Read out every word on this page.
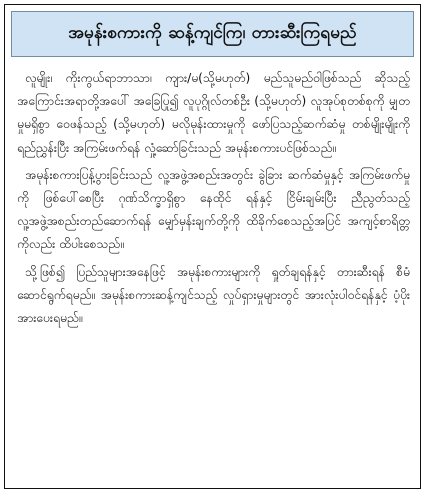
အမုန်းစကားကို ဆန့်ကျင်ကြ၊ တားဆီးကြရမည်

လူမျိုး၊ ကိုးကွယ်ရာဘာသာ၊ ကျား/မ(သို့မဟုတ်) မည်သူမည်ဝါဖြစ်သည် ဆိုသည့် အကြောင်းအရာတို့အပေါ် အခြေပြု၍ လူပုဂ္ဂိုလ်တစ်ဦး (သို့မဟုတ်) လူအုပ်စုတစ်စုကို မျှတမှုမရှိစွာ ဝေဖန်သည့် (သို့မဟုတ်) မလိုမုန်းထားမှုကို ဖော်ပြသည့်ဆက်ဆံမှု တစ်မျိုးမျိုးကို ရည်ညွှန်းပြီး အကြမ်းဖက်ရန် လှုံ့ဆော်ခြင်းသည် အမုန်းစကားပင်ဖြစ်သည်။

အမုန်းစကားပြန့်ပွားခြင်းသည် လူ့အဖွဲ့အစည်းအတွင်း ခွဲခြား ဆက်ဆံမှုနှင့် အကြမ်းဖက်မှုကို ဖြစ်ပေါ်စေပြီး ဂုဏ်သိက္ခာရှိစွာ နေထိုင် ရန်နှင့် ငြိမ်းချမ်းပြီး ညီညွတ်သည့် လူ့အဖွဲ့အစည်းတည်ဆောက်ရန် မျှော်မှန်းချက်တို့ကို ထိခိုက်စေသည့်အပြင် အကျင့်စာရိတ္တကိုလည်း ထိပါးစေသည်။

သို့ဖြစ်၍ ပြည်သူများအနေဖြင့် အမုန်းစကားများကို ရှုတ်ချရန်နှင့် တားဆီးရန် စီမံဆောင်ရွက်ရမည်။ အမုန်းစကားဆန့်ကျင်သည့် လှုပ်ရှားမှုများတွင် အားလုံးပါဝင်ရန်နှင့် ပံ့ပိုးအားပေးရမည်။
